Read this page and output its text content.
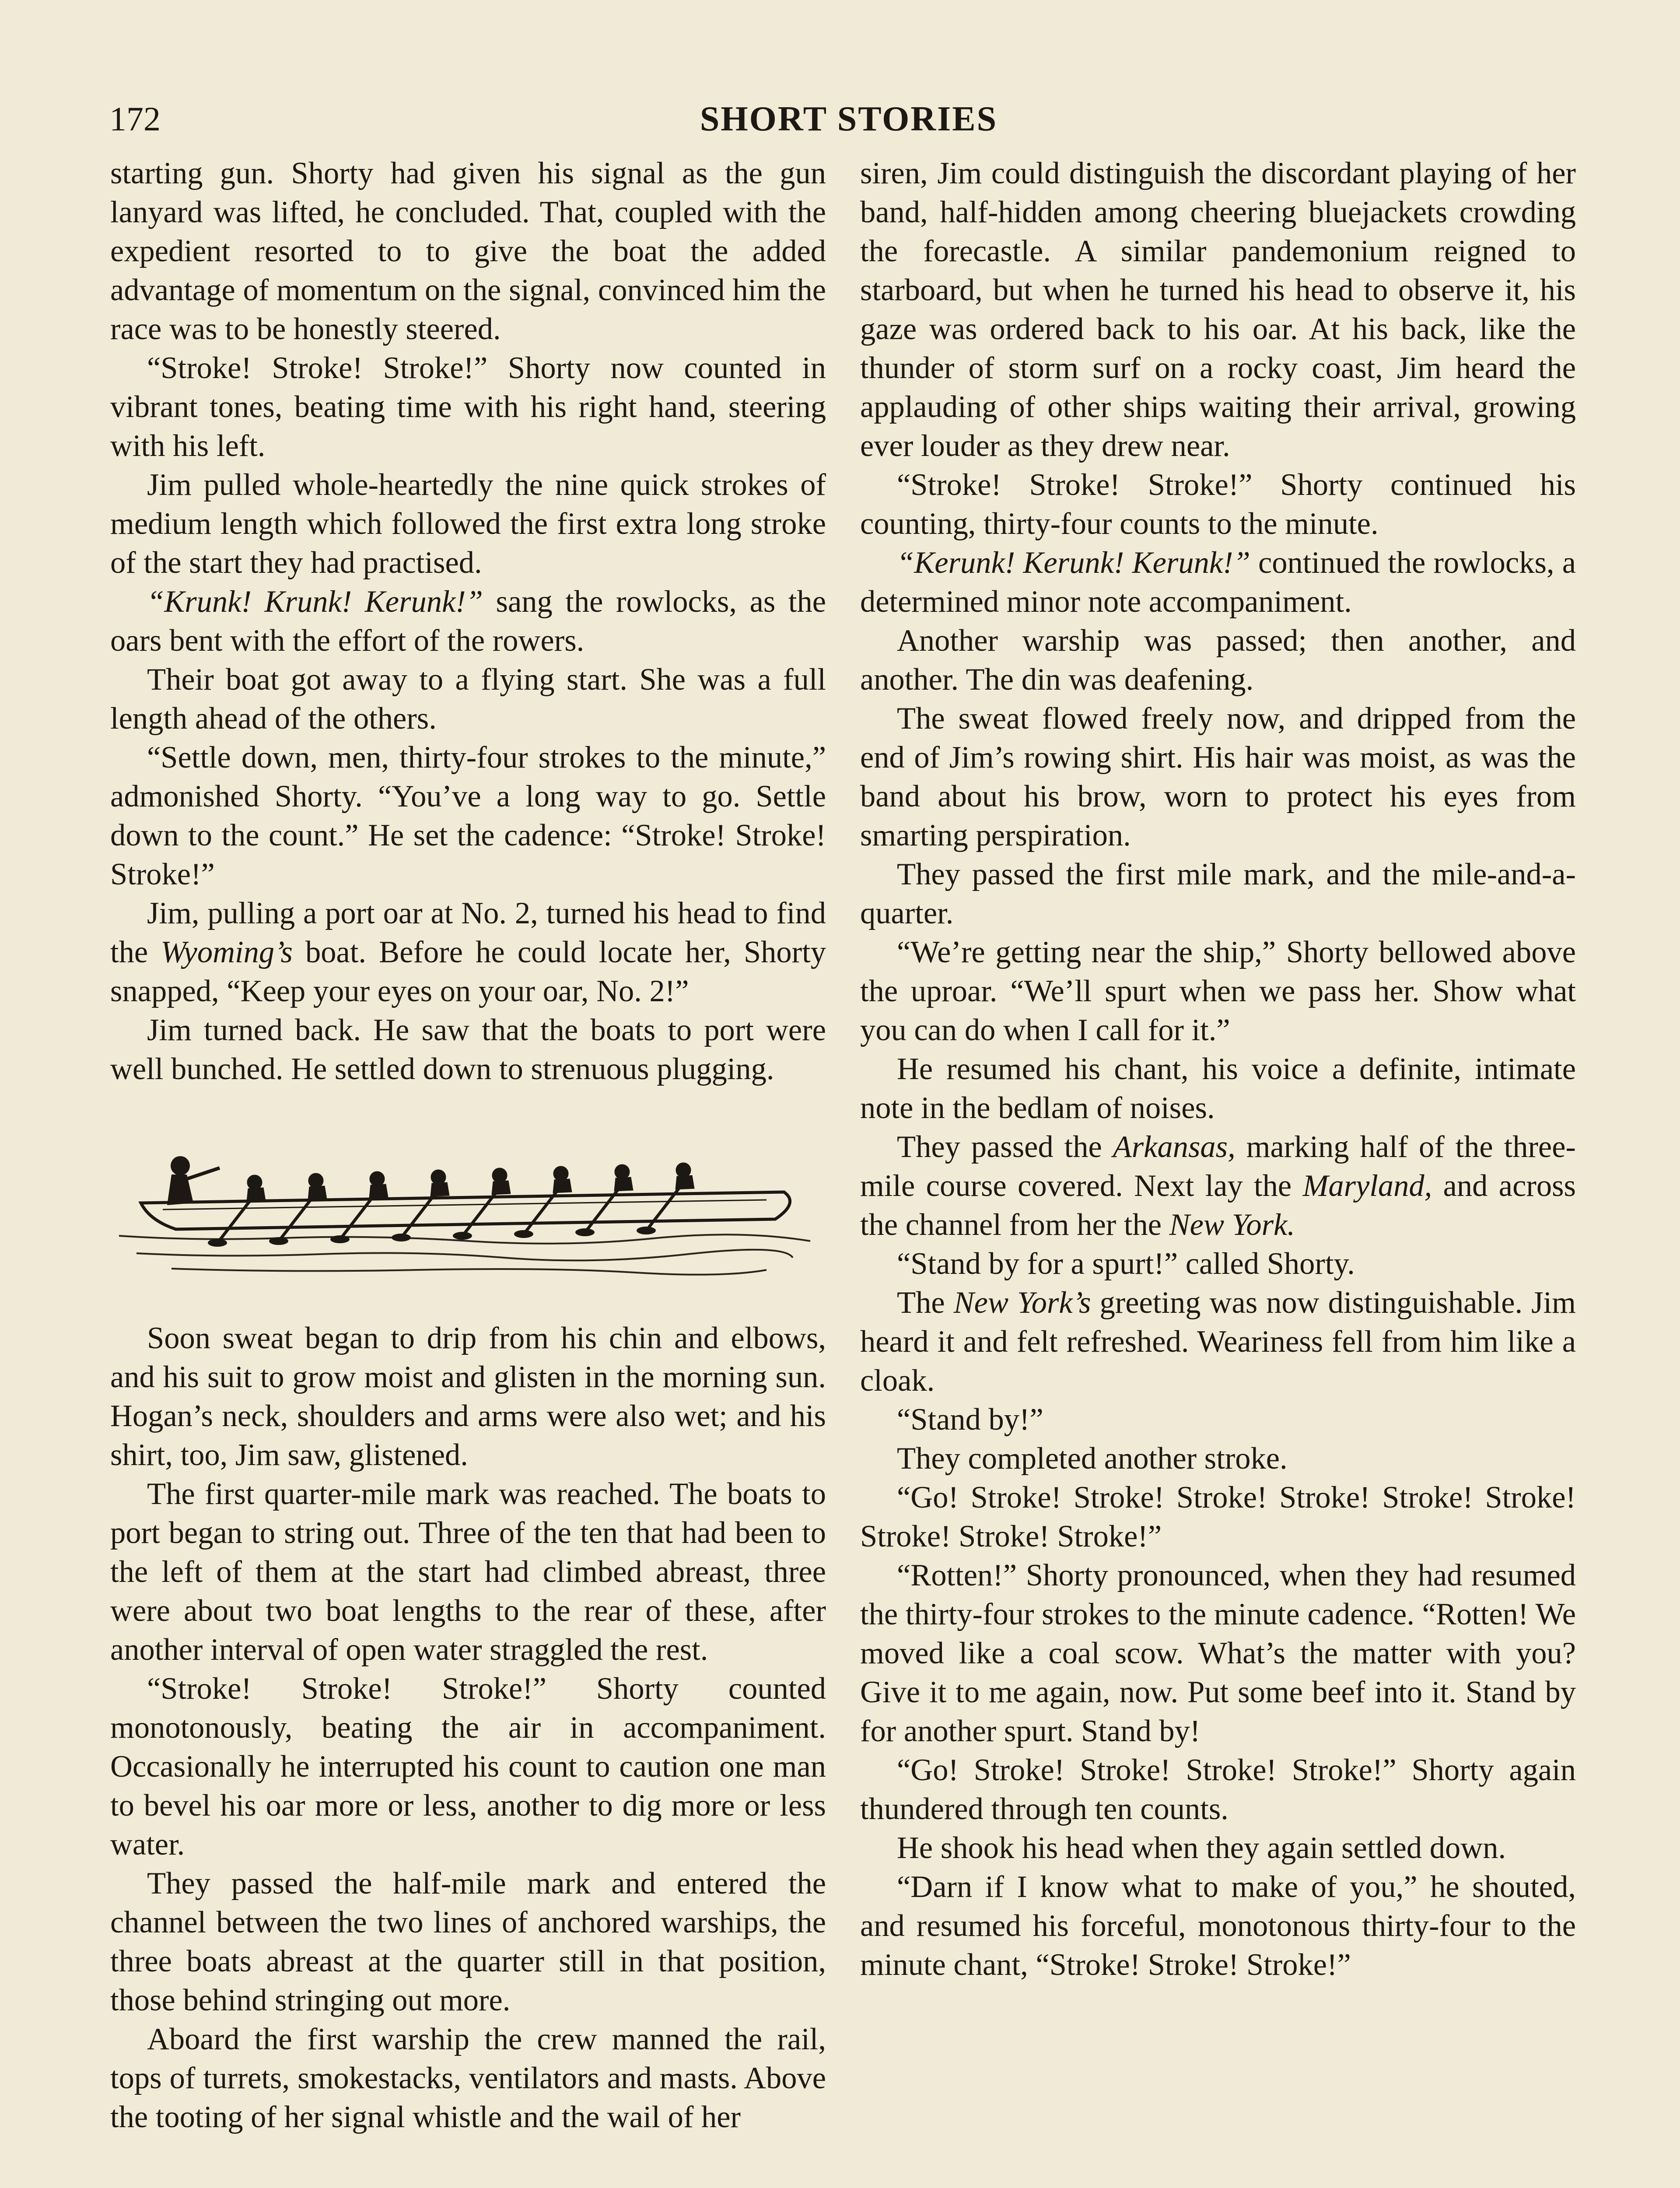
172	SHORT STORIES

starting gun. Shorty had given his signal as the gun lanyard was lifted, he concluded. That, coupled with the expedient resorted to to give the boat the added advantage of momentum on the signal, convinced him the race was to be honestly steered.

“Stroke! Stroke! Stroke!” Shorty now counted in vibrant tones, beating time with his right hand, steering with his left.

Jim pulled whole-heartedly the nine quick strokes of medium length which followed the first extra long stroke of the start they had practised.

“Krunk! Krunk! Kerunk!” sang the rowlocks, as the oars bent with the effort of the rowers.

Their boat got away to a flying start. She was a full length ahead of the others.

“Settle down, men, thirty-four strokes to the minute,” admonished Shorty. “You’ve a long way to go. Settle down to the count.” He set the cadence: “Stroke! Stroke! Stroke!”

Jim, pulling a port oar at No. 2, turned his head to find the Wyoming’s boat. Before he could locate her, Shorty snapped, “Keep your eyes on your oar, No. 2!”

Jim turned back. He saw that the boats to port were well bunched. He settled down to strenuous plugging.

Soon sweat began to drip from his chin and elbows, and his suit to grow moist and glisten in the morning sun. Hogan’s neck, shoulders and arms were also wet; and his shirt, too, Jim saw, glistened.

The first quarter-mile mark was reached. The boats to port began to string out. Three of the ten that had been to the left of them at the start had climbed abreast, three were about two boat lengths to the rear of these, after another interval of open water straggled the rest.

“Stroke! Stroke! Stroke!” Shorty counted monotonously, beating the air in accompaniment. Occasionally he interrupted his count to caution one man to bevel his oar more or less, another to dig more or less water.

They passed the half-mile mark and entered the channel between the two lines of anchored warships, the three boats abreast at the quarter still in that position, those behind stringing out more.

Aboard the first warship the crew manned the rail, tops of turrets, smokestacks, ventilators and masts. Above the tooting of her signal whistle and the wail of her

siren, Jim could distinguish the discordant playing of her band, half-hidden among cheering bluejackets crowding the forecastle. A similar pandemonium reigned to starboard, but when he turned his head to observe it, his gaze was ordered back to his oar. At his back, like the thunder of storm surf on a rocky coast, Jim heard the applauding of other ships waiting their arrival, growing ever louder as they drew near.

“Stroke! Stroke! Stroke!” Shorty continued his counting, thirty-four counts to the minute.

“Kerunk! Kerunk! Kerunk!” continued the rowlocks, a determined minor note accompaniment.

Another warship was passed; then another, and another. The din was deafening.

The sweat flowed freely now, and dripped from the end of Jim’s rowing shirt. His hair was moist, as was the band about his brow, worn to protect his eyes from smarting perspiration.

They passed the first mile mark, and the mile-and-a-quarter.

“We’re getting near the ship,” Shorty bellowed above the uproar. “We’ll spurt when we pass her. Show what you can do when I call for it.”

He resumed his chant, his voice a definite, intimate note in the bedlam of noises.

They passed the Arkansas, marking half of the three-mile course covered. Next lay the Maryland, and across the channel from her the New York.

“Stand by for a spurt!” called Shorty.

The New York’s greeting was now distinguishable. Jim heard it and felt refreshed. Weariness fell from him like a cloak.

“Stand by!”

They completed another stroke.

“Go! Stroke! Stroke! Stroke! Stroke! Stroke! Stroke! Stroke! Stroke! Stroke!”

“Rotten!” Shorty pronounced, when they had resumed the thirty-four strokes to the minute cadence. “Rotten! We moved like a coal scow. What’s the matter with you? Give it to me again, now. Put some beef into it. Stand by for another spurt. Stand by!

“Go! Stroke! Stroke! Stroke! Stroke!” Shorty again thundered through ten counts.

He shook his head when they again settled down.

“Darn if I know what to make of you,” he shouted, and resumed his forceful, monotonous thirty-four to the minute chant, “Stroke! Stroke! Stroke!”
